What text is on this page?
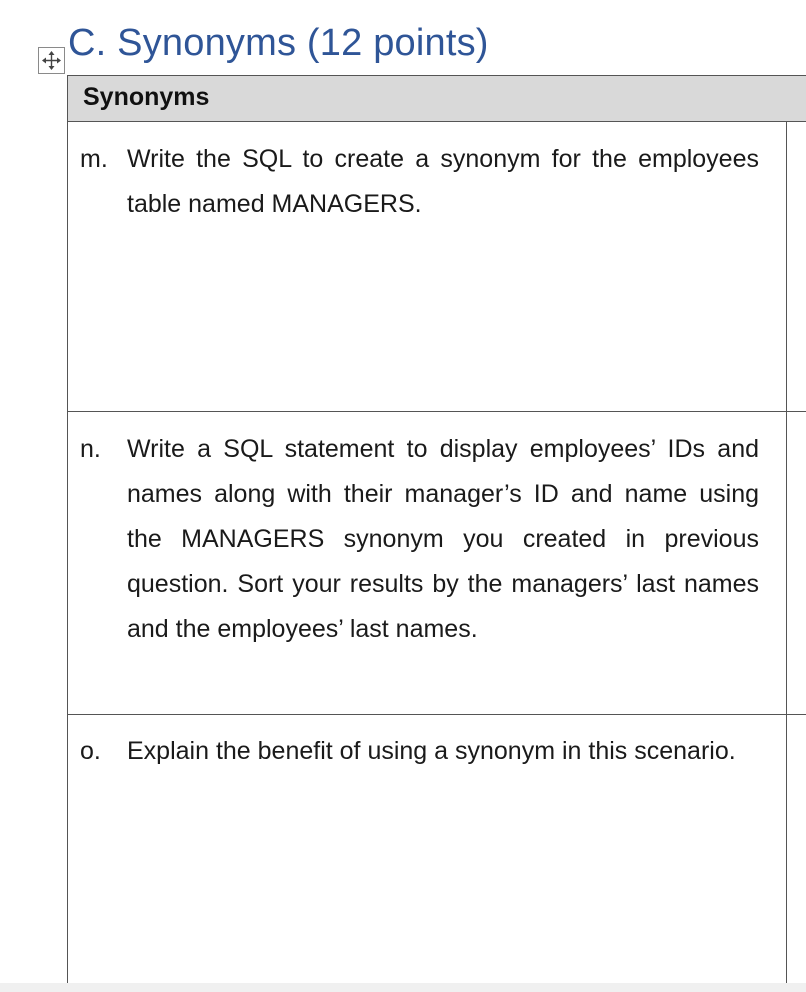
C. Synonyms (12 points)
Synonyms
m. Write the SQL to create a synonym for the employees table named MANAGERS.
n. Write a SQL statement to display employees’ IDs and names along with their manager’s ID and name using the MANAGERS synonym you created in previous question. Sort your results by the managers’ last names and the employees’ last names.
o. Explain the benefit of using a synonym in this scenario.
